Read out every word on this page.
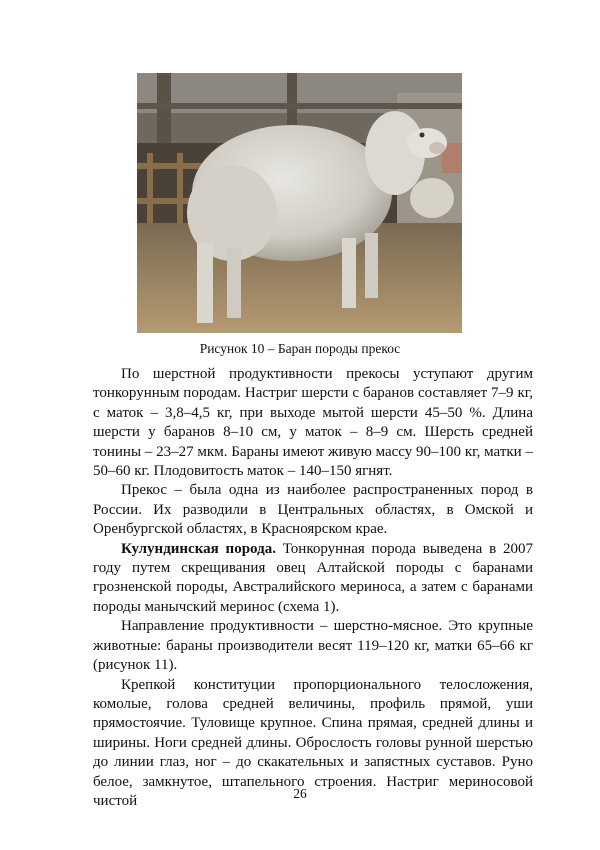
Рисунок 10 – Баран породы прекос

По шерстной продуктивности прекосы уступают другим тонкорунным породам. Настриг шерсти с баранов составляет 7–9 кг, с маток – 3,8–4,5 кг, при выходе мытой шерсти 45–50 %. Длина шерсти у баранов 8–10 см, у маток – 8–9 см. Шерсть средней тонины – 23–27 мкм. Бараны имеют живую массу 90–100 кг, матки – 50–60 кг. Плодовитость маток – 140–150 ягнят.

Прекос – была одна из наиболее распространенных пород в России. Их разводили в Центральных областях, в Омской и Оренбургской областях, в Красноярском крае.

Кулундинская порода. Тонкорунная порода выведена в 2007 году путем скрещивания овец Алтайской породы с баранами грозненской породы, Австралийского мериноса, а затем с баранами породы манычский меринос (схема 1).

Направление продуктивности – шерстно-мясное. Это крупные животные: бараны производители весят 119–120 кг, матки 65–66 кг (рисунок 11).

Крепкой конституции пропорционального телосложения, комолые, голова средней величины, профиль прямой, уши прямостоячие. Туловище крупное. Спина прямая, средней длины и ширины. Ноги средней длины. Оброслость головы рунной шерстью до линии глаз, ног – до скакательных и запястных суставов. Руно белое, замкнутое, штапельного строения. Настриг мериносовой чистой	26
